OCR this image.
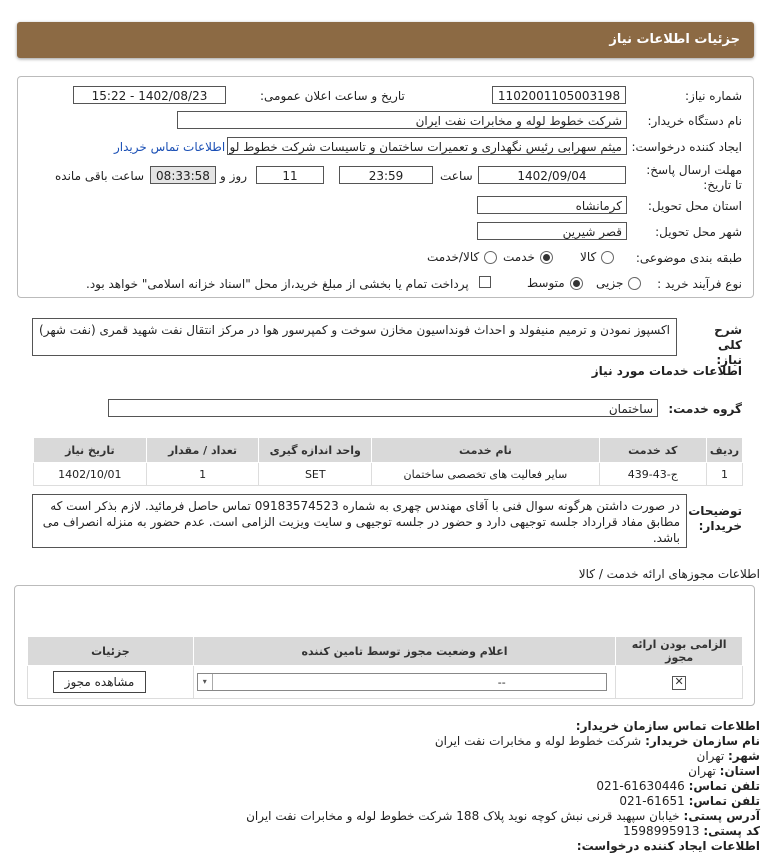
جزئیات اطلاعات نیاز
شماره نیاز:
1102001105003198
تاریخ و ساعت اعلان عمومی:
1402/08/23 - 15:22
نام دستگاه خریدار:
شرکت خطوط لوله و مخابرات نفت ایران
ایجاد کننده درخواست:
میثم سهرابی رئیس نگهداری و تعمیرات ساختمان و تاسیسات شرکت خطوط لو
اطلاعات تماس خریدار
مهلت ارسال پاسخ: تا تاریخ:
1402/09/04
ساعت
23:59
11
روز و
08:33:58
ساعت باقی مانده
استان محل تحویل:
کرمانشاه
شهر محل تحویل:
قصر شیرین
طبقه بندی موضوعی:
کالا
خدمت
کالا/خدمت
نوع فرآیند خرید :
جزیی
متوسط
پرداخت تمام یا بخشی از مبلغ خرید،از محل "اسناد خزانه اسلامی" خواهد بود.
شرح کلی نیاز:
اکسپوز نمودن و ترمیم منیفولد و احداث فونداسیون مخازن سوخت و کمپرسور هوا در مرکز انتقال نفت شهید قمری (نفت شهر)
اطلاعات خدمات مورد نیاز
گروه خدمت:
ساختمان
ردیف	کد خدمت	نام خدمت	واحد اندازه گیری	تعداد / مقدار	تاریخ نیاز
1	ج-43-439	سایر فعالیت های تخصصی ساختمان	SET	1	1402/10/01
توضیحات خریدار:
در صورت داشتن هرگونه سوال فنی با آقای مهندس چهری به شماره 09183574523 تماس حاصل فرمائید. لازم بذکر است که مطابق مفاد قرارداد جلسه توجیهی دارد و حضور در جلسه توجیهی و سایت ویزیت الزامی است. عدم حضور به منزله انصراف می باشد.
اطلاعات مجوزهای ارائه خدمت / کالا
الزامی بودن ارائه مجوز	اعلام وضعیت مجوز توسط تامین کننده	جزئیات
✕	▾ --	مشاهده مجوز
اطلاعات تماس سازمان خریدار:
نام سازمان خریدار: شرکت خطوط لوله و مخابرات نفت ایران
شهر: تهران
استان: تهران
تلفن تماس: 021-61630446
تلفن تماس: 021-61651
آدرس پستی: خیابان سپهبد قرنی نبش کوچه نوید پلاک 188 شرکت خطوط لوله و مخابرات نفت ایران
کد پستی: 1598995913
اطلاعات ایجاد کننده درخواست:
